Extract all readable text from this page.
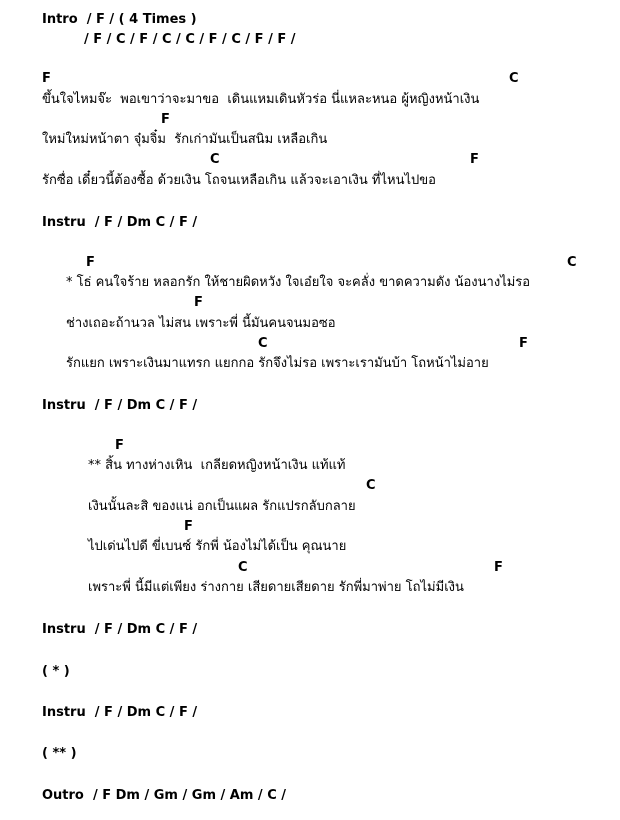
Intro / F / ( 4 Times )
/ F / C / F / C / C / F / C / F / F /
F	C
ขึ้นใจไหมจ๊ะ  พอเขาว่าจะมาขอ  เดินแหมเดินหัวร่อ นี่แหละหนอ ผู้หญิงหน้าเงิน
F
ใหม่ใหม่หน้าตา จุ๋มจิ๋ม  รักเก่ามันเป็นสนิม เหลือเกิน
C	F
รักซื่อ เดี๋ยวนี้ต้องซื้อ ด้วยเงิน โถจนเหลือเกิน แล้วจะเอาเงิน ที่ไหนไปขอ
Instru / F / Dm C / F /
F	C
* โธ่ คนใจร้าย หลอกรัก ให้ชายผิดหวัง ใจเอ๋ยใจ จะคลั่ง ขาดความดัง น้องนางไม่รอ
F
ช่างเถอะถ้านวล ไม่สน เพราะพี่ นี้มันคนจนมอซอ
C	F
รักแยก เพราะเงินมาแทรก แยกกอ รักจึงไม่รอ เพราะเรามันบ้า โถหน้าไม่อาย
Instru / F / Dm C / F /
F
** สิ้น ทางห่างเหิน  เกลียดหญิงหน้าเงิน แท้แท้
C
เงินนั้นละสิ ของแน่ อกเป็นแผล รักแปรกลับกลาย
F
ไปเด่นไปดี ขี่เบนซ์ รักพี่ น้องไม่ได้เป็น คุณนาย
C	F
เพราะพี่ นี้มีแต่เพียง ร่างกาย เสียดายเสียดาย รักพี่มาพ่าย โถไม่มีเงิน
Instru / F / Dm C / F /
( * )
Instru / F / Dm C / F /
( ** )
Outro / F Dm / Gm / Gm / Am / C /
